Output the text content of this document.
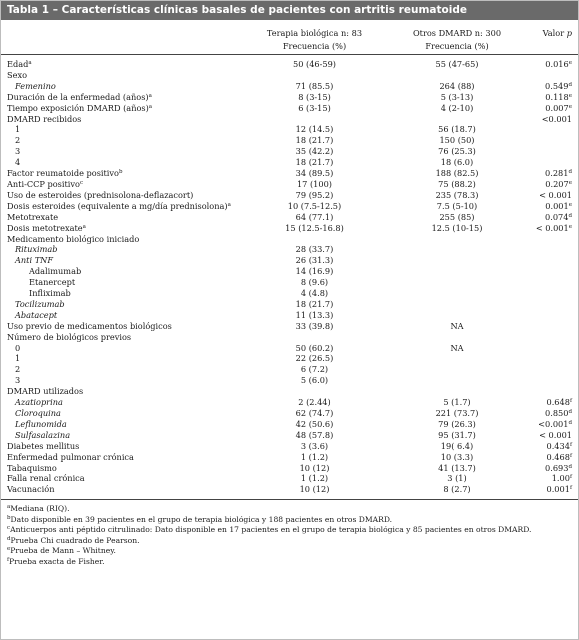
Tabla 1 – Características clínicas basales de pacientes con artritis reumatoide
	Terapia biológica n: 83	Otros DMARD n: 300	Valor p
	Frecuencia (%)	Frecuencia (%)	
Edad$^a$	50 (46-59)	55 (47-65)	0.016e
Sexo			
Femenino	71 (85.5)	264 (88)	0.549$^d$
Duración de la enfermedad (años)$^a$	8 (3-15)	5 (3-13)	0.118e
Tiempo exposición DMARD (años)$^a$	6 (3-15)	4 (2-10)	0.007e
DMARD recibidos			<0.001
1	12 (14.5)	56 (18.7)	
2	18 (21.7)	150 (50)	
3	35 (42.2)	76 (25.3)	
4	18 (21.7)	18 (6.0)	
Factor reumatoide positivo$^b$	34 (89.5)	188 (82.5)	0.281$^d$
Anti-CCP positivo$^c$	17 (100)	75 (88.2)	0.207e
Uso de esteroides (prednisolona-deflazacort)	79 (95.2)	235 (78.3)	< 0.001
Dosis esteroides (equivalente a mg/día prednisolona)$^a$	10 (7.5-12.5)	7.5 (5-10)	0.001e
Metotrexate	64 (77.1)	255 (85)	0.074$^d$
Dosis metotrexate$^a$	15 (12.5-16.8)	12.5 (10-15)	< 0.001$^e$
Medicamento biológico iniciado			
Rituximab	28 (33.7)		
Anti TNF	26 (31.3)		
Adalimumab	14 (16.9)		
Etanercept	8 (9.6)		
Infliximab	4 (4.8)		
Tocilizumab	18 (21.7)		
Abatacept	11 (13.3)		
Uso previo de medicamentos biológicos	33 (39.8)	NA	
Número de biológicos previos			
0	50 (60.2)	NA	
1	22 (26.5)		
2	6 (7.2)		
3	5 (6.0)		
DMARD utilizados			
Azatioprina	2 (2.44)	5 (1.7)	0.648$^f$
Cloroquina	62 (74.7)	221 (73.7)	0.850$^d$
Leflunomida	42 (50.6)	79 (26.3)	<0.001$^d$
Sulfasalazina	48 (57.8)	95 (31.7)	< 0.001
Diabetes mellitus	3 (3.6)	19( 6.4)	0.434$^f$
Enfermedad pulmonar crónica	1 (1.2)	10 (3.3)	0.468$^f$
Tabaquismo	10 (12)	41 (13.7)	0.693$^d$
Falla renal crónica	1 (1.2)	3 (1)	1.00$^f$
Vacunación	10 (12)	8 (2.7)	0.001$^f$
$^a$Mediana (RIQ).
$^b$Dato disponible en 39 pacientes en el grupo de terapia biológica y 188 pacientes en otros DMARD.
$^c$Anticuerpos anti péptido citrulinado: Dato disponible en 17 pacientes en el grupo de terapia biológica y 85 pacientes en otros DMARD.
$^d$Prueba Chi cuadrado de Pearson.
$^e$Prueba de Mann – Whitney.
$^f$Prueba exacta de Fisher.
